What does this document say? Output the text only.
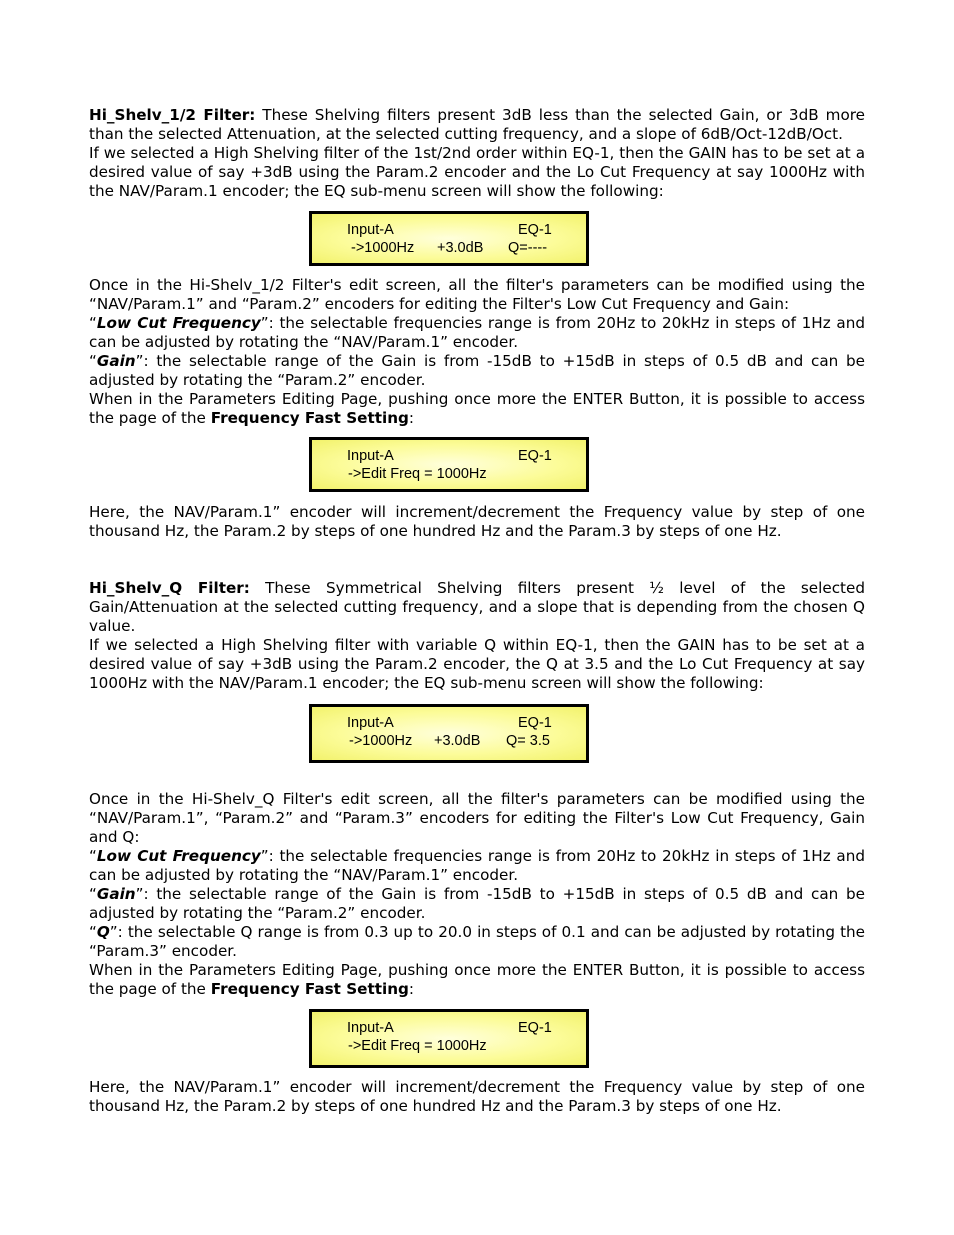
Hi_Shelv_1/2 Filter: These Shelving filters present 3dB less than the selected Gain, or 3dB more than the selected Attenuation, at the selected cutting frequency, and a slope of 6dB/Oct-12dB/Oct.

If we selected a High Shelving filter of the 1st/2nd order within EQ-1, then the GAIN has to be set at a desired value of say +3dB using the Param.2 encoder and the Lo Cut Frequency at say 1000Hz with the NAV/Param.1 encoder; the EQ sub-menu screen will show the following:

Input-A	EQ-1
->1000Hz +3.0dB Q=----

Once in the Hi-Shelv_1/2 Filter's edit screen, all the filter's parameters can be modified using the “NAV/Param.1” and “Param.2” encoders for editing the Filter's Low Cut Frequency and Gain:

“Low Cut Frequency”: the selectable frequencies range is from 20Hz to 20kHz in steps of 1Hz and can be adjusted by rotating the “NAV/Param.1” encoder.

“Gain”: the selectable range of the Gain is from -15dB to +15dB in steps of 0.5 dB and can be adjusted by rotating the “Param.2” encoder.

When in the Parameters Editing Page, pushing once more the ENTER Button, it is possible to access the page of the Frequency Fast Setting:

Input-A	EQ-1
->Edit Freq = 1000Hz

Here, the NAV/Param.1” encoder will increment/decrement the Frequency value by step of one thousand Hz, the Param.2 by steps of one hundred Hz and the Param.3 by steps of one Hz.

Hi_Shelv_Q Filter: These Symmetrical Shelving filters present ½ level of the selected Gain/Attenuation at the selected cutting frequency, and a slope that is depending from the chosen Q value.

If we selected a High Shelving filter with variable Q within EQ-1, then the GAIN has to be set at a desired value of say +3dB using the Param.2 encoder, the Q at 3.5 and the Lo Cut Frequency at say 1000Hz with the NAV/Param.1 encoder; the EQ sub-menu screen will show the following:

Input-A	EQ-1
->1000Hz +3.0dB Q= 3.5

Once in the Hi-Shelv_Q Filter's edit screen, all the filter's parameters can be modified using the “NAV/Param.1”, “Param.2” and “Param.3” encoders for editing the Filter's Low Cut Frequency, Gain and Q:

“Low Cut Frequency”: the selectable frequencies range is from 20Hz to 20kHz in steps of 1Hz and can be adjusted by rotating the “NAV/Param.1” encoder.

“Gain”: the selectable range of the Gain is from -15dB to +15dB in steps of 0.5 dB and can be adjusted by rotating the “Param.2” encoder.

“Q”: the selectable Q range is from 0.3 up to 20.0 in steps of 0.1 and can be adjusted by rotating the “Param.3” encoder.

When in the Parameters Editing Page, pushing once more the ENTER Button, it is possible to access the page of the Frequency Fast Setting:

Input-A	EQ-1
->Edit Freq = 1000Hz

Here, the NAV/Param.1” encoder will increment/decrement the Frequency value by step of one thousand Hz, the Param.2 by steps of one hundred Hz and the Param.3 by steps of one Hz.
